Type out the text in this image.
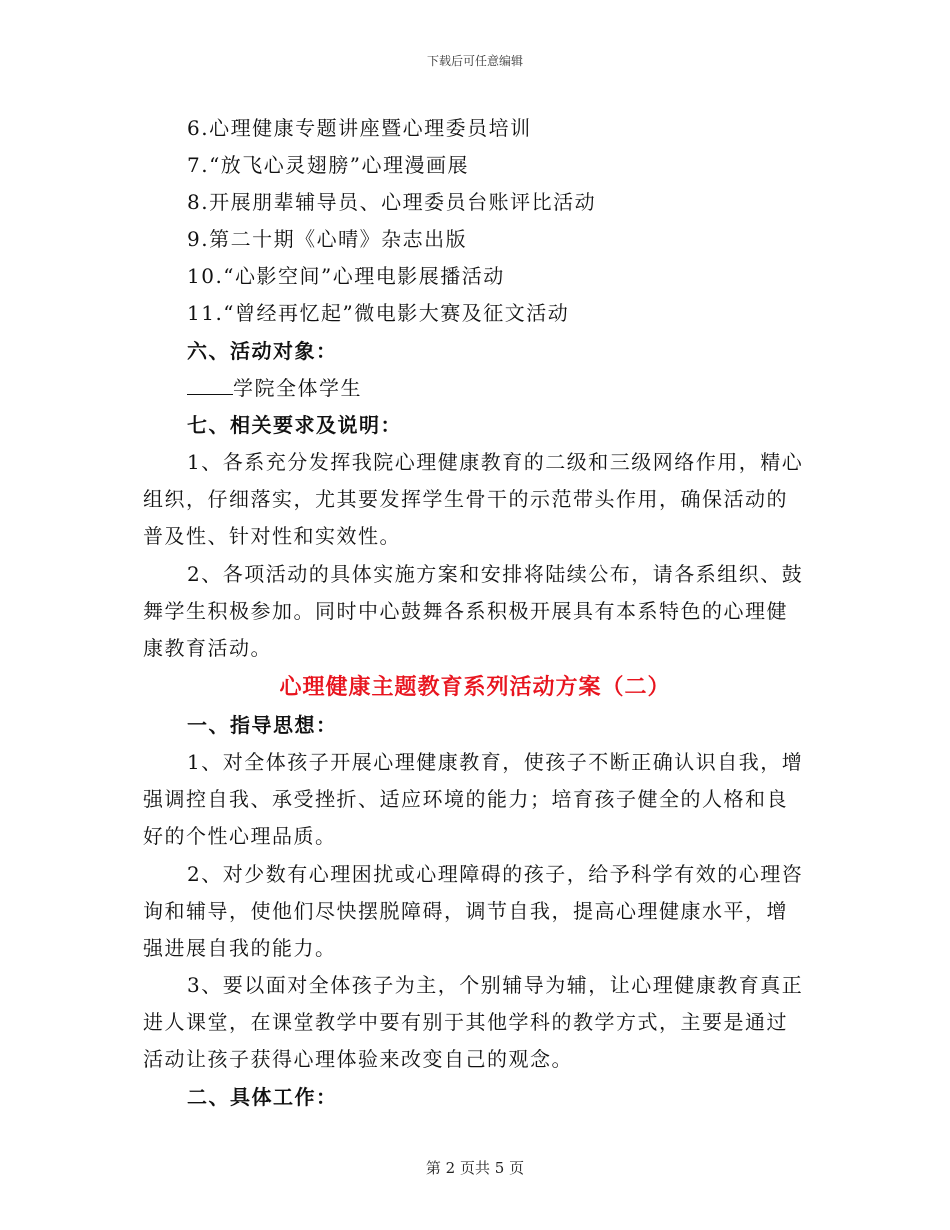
下载后可任意编辑
6.心理健康专题讲座暨心理委员培训
7.“放飞心灵翅膀”心理漫画展
8.开展朋辈辅导员、心理委员台账评比活动
9.第二十期《心晴》杂志出版
10.“心影空间”心理电影展播活动
11.“曾经再忆起”微电影大赛及征文活动
六、活动对象：
学院全体学生
七、相关要求及说明：
1、各系充分发挥我院心理健康教育的二级和三级网络作用，精心
组织，仔细落实，尤其要发挥学生骨干的示范带头作用，确保活动的
普及性、针对性和实效性。
2、各项活动的具体实施方案和安排将陆续公布，请各系组织、鼓
舞学生积极参加。同时中心鼓舞各系积极开展具有本系特色的心理健
康教育活动。
心理健康主题教育系列活动方案（二）
一、指导思想：
1、对全体孩子开展心理健康教育，使孩子不断正确认识自我，增
强调控自我、承受挫折、适应环境的能力；培育孩子健全的人格和良
好的个性心理品质。
2、对少数有心理困扰或心理障碍的孩子，给予科学有效的心理咨
询和辅导，使他们尽快摆脱障碍，调节自我，提高心理健康水平，增
强进展自我的能力。
3、要以面对全体孩子为主，个别辅导为辅，让心理健康教育真正
进人课堂，在课堂教学中要有别于其他学科的教学方式，主要是通过
活动让孩子获得心理体验来改变自己的观念。
二、具体工作：
第 2 页共 5 页
